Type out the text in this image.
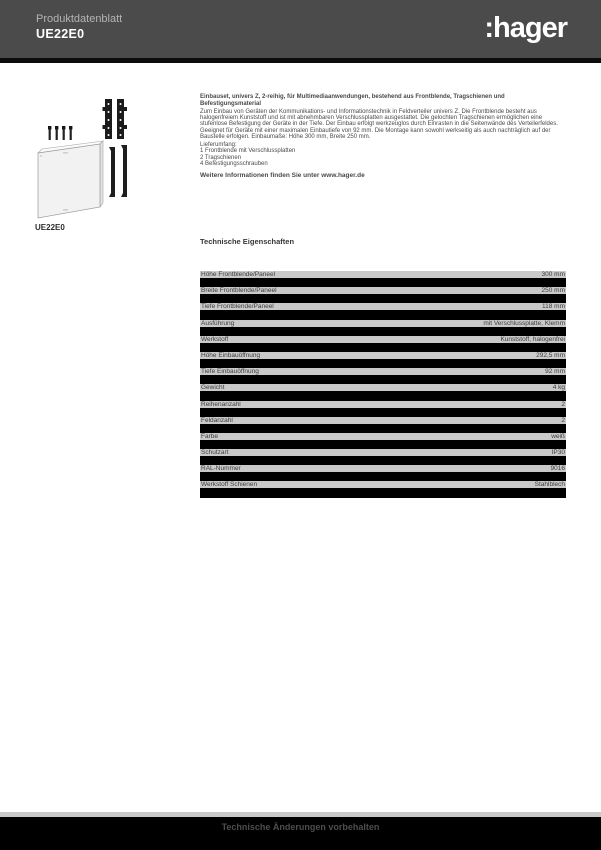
Produktdatenblatt
UE22E0	:hager
UE22E0

Einbauset, univers Z, 2-reihig, für Multimediaanwendungen, bestehend aus Frontblende, Tragschienen und Befestigungsmaterial

Zum Einbau von Geräten der Kommunikations- und Informationstechnik in Feldverteiler univers Z. Die Frontblende besteht aus halogenfreiem Kunststoff und ist mit abnehmbaren Verschlussplatten ausgestattet. Die gelochten Tragschienen ermöglichen eine stufenlose Befestigung der Geräte in der Tiefe. Der Einbau erfolgt werkzeuglos durch Einrasten in die Seitenwände des Verteilerfeldes. Geeignet für Geräte mit einer maximalen Einbautiefe von 92 mm. Die Montage kann sowohl werkseitig als auch nachträglich auf der Baustelle erfolgen. Einbaumaße: Höhe 300 mm, Breite 250 mm.

Lieferumfang:
1 Frontblende mit Verschlussplatten
2 Tragschienen
4 Befestigungsschrauben
Weitere Informationen finden Sie unter www.hager.de
Technische Eigenschaften
Höhe Frontblende/Paneel	300 mm
Breite Frontblende/Paneel	250 mm
Tiefe Frontblende/Paneel	118 mm
Ausführung	mit Verschlussplatte, Klemm
Werkstoff	Kunststoff, halogenfrei
Höhe Einbauöffnung	292,5 mm
Tiefe Einbauöffnung	92 mm
Gewicht	4 kg
Reihenanzahl	2
Feldanzahl	2
Farbe	weiß
Schutzart	IP30
RAL-Nummer	9016
Werkstoff Schienen	Stahlblech
Technische Änderungen vorbehalten
